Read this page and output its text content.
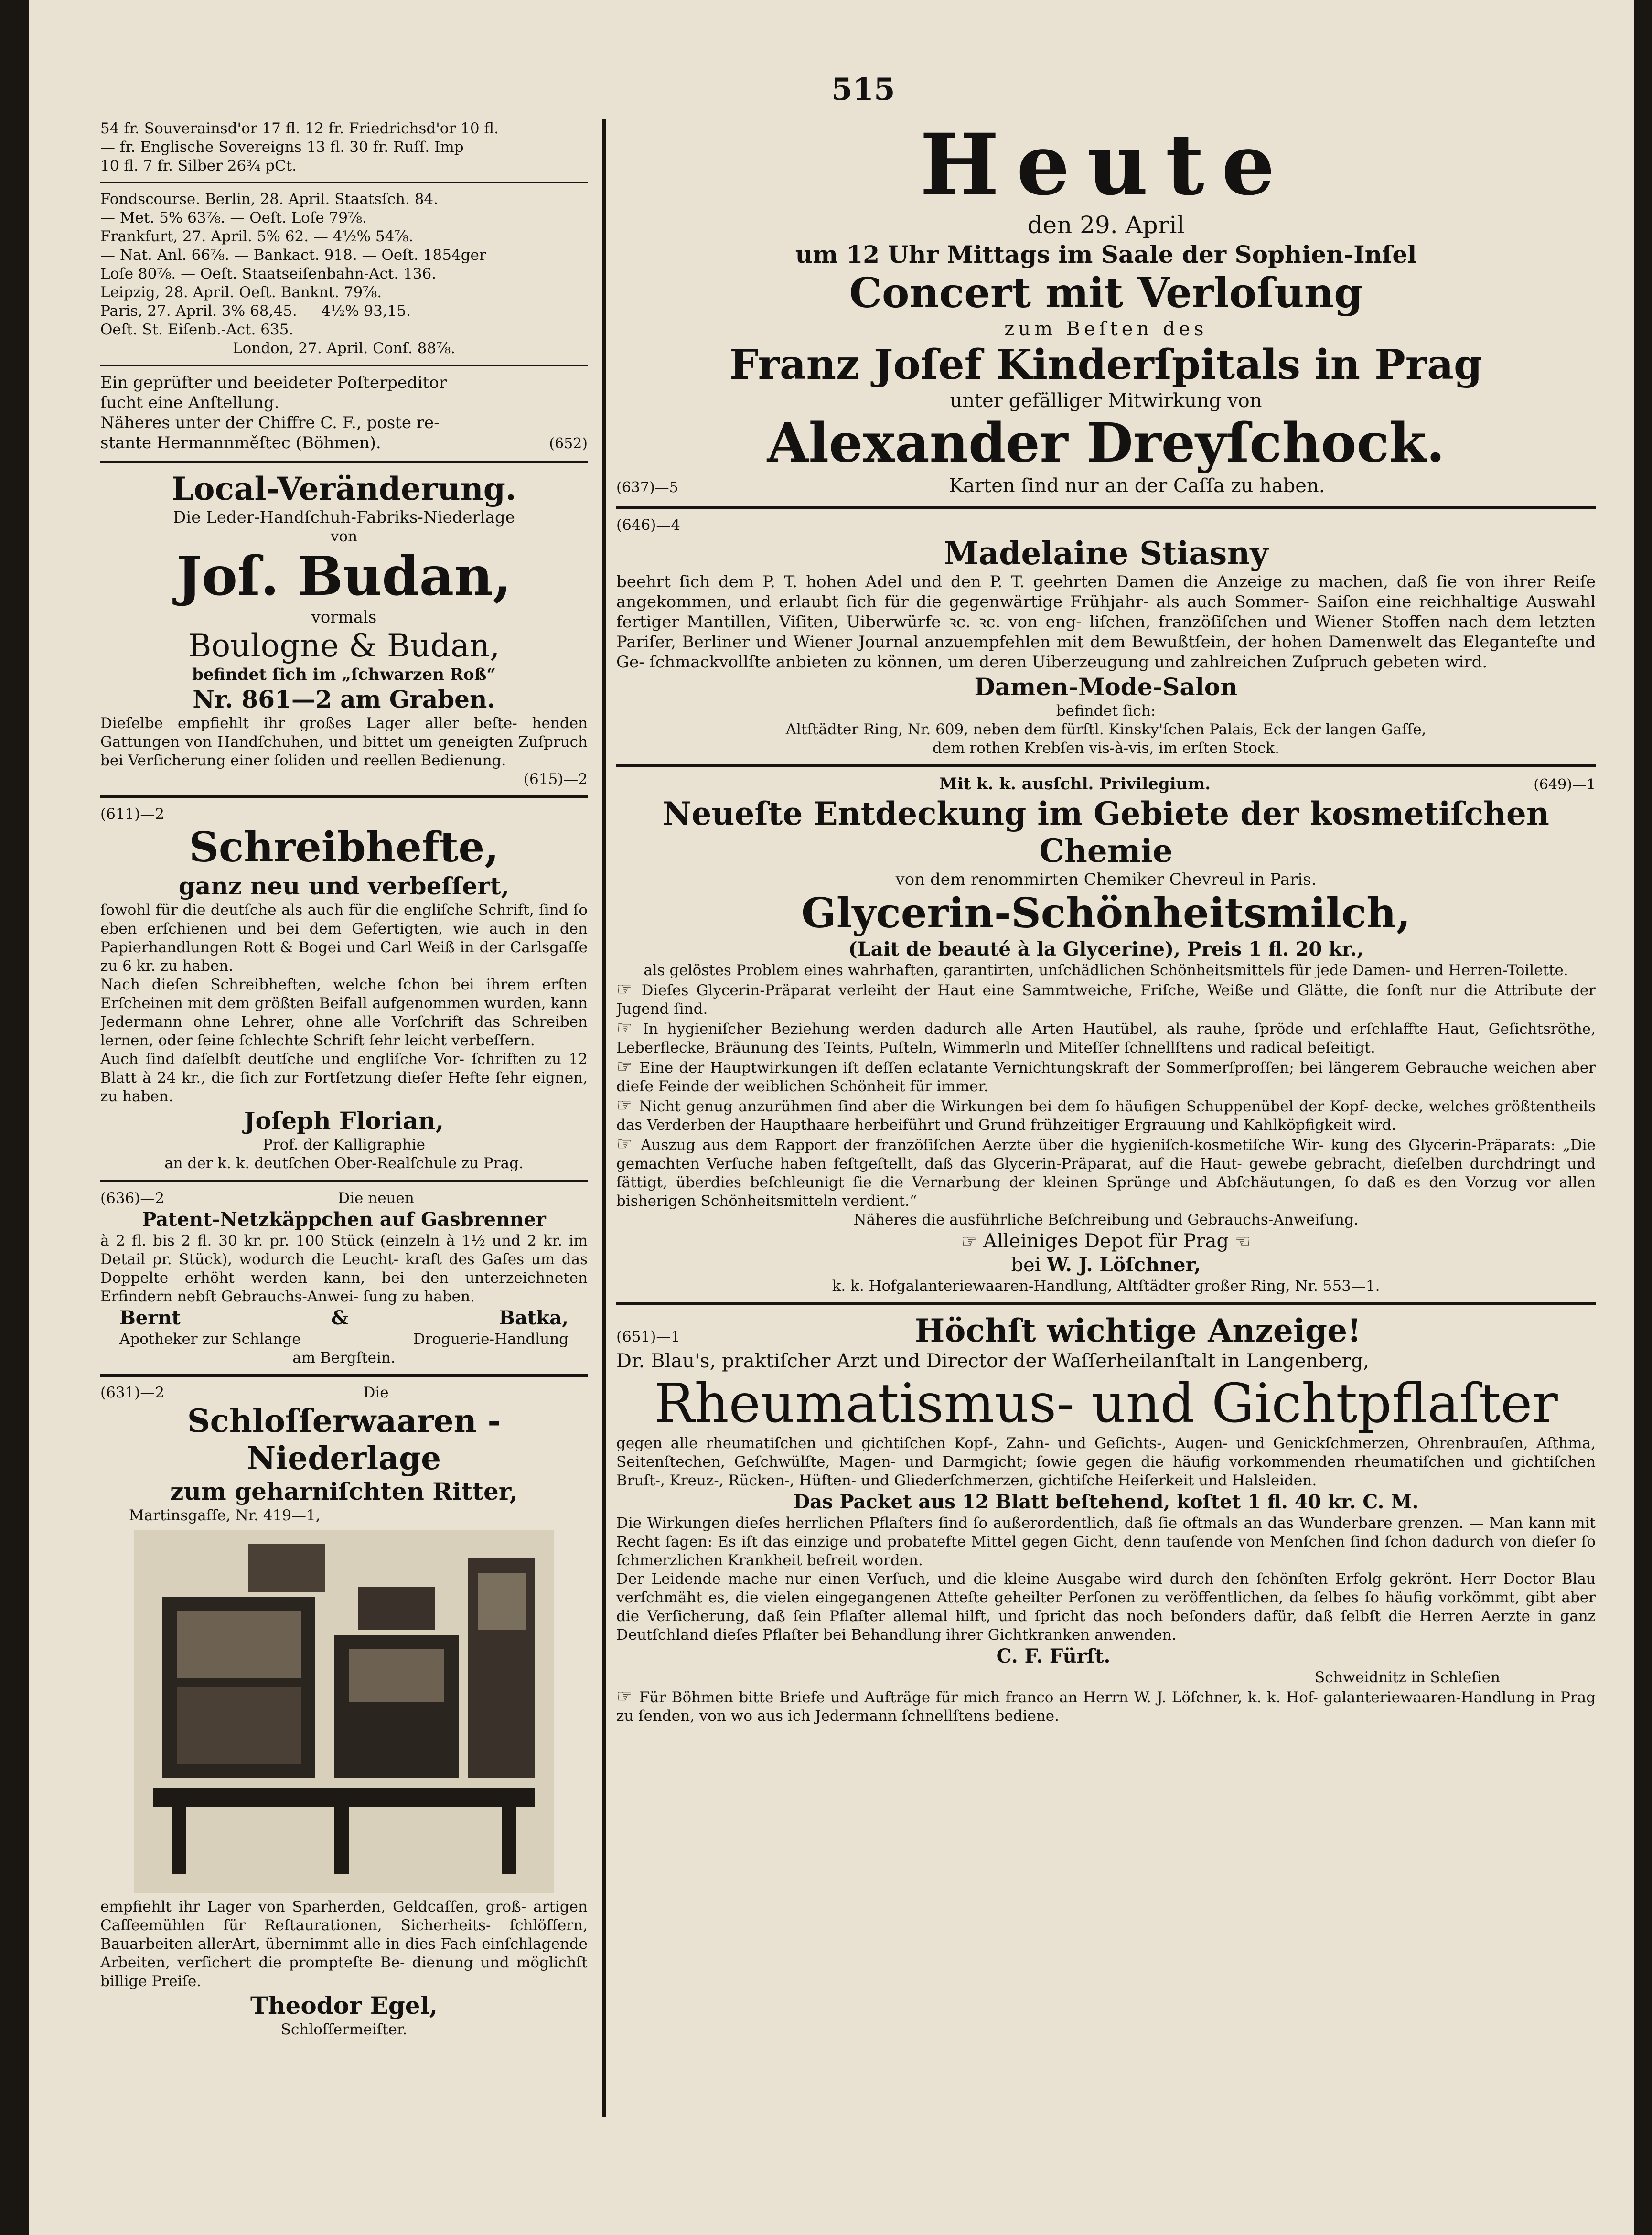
515
54 fr. Souverainsd'or 17 fl. 12 fr. Friedrichsd'or 10 fl.
— fr. Englische Sovereigns 13 fl. 30 fr. Ruſſ. Imp
10 fl. 7 fr. Silber 26¾ pCt.
Fondscourse. Berlin, 28. April. Staatsſch. 84.
— Met. 5% 63⅞. — Oeſt. Loſe 79⅞.
Frankfurt, 27. April. 5% 62. — 4½% 54⅞.
— Nat. Anl. 66⅞. — Bankact. 918. — Oeſt. 1854ger
Loſe 80⅞. — Oeſt. Staatseiſenbahn-Act. 136.
Leipzig, 28. April. Oeſt. Banknt. 79⅞.
Paris, 27. April. 3% 68,45. — 4½% 93,15. —
Oeſt. St. Eiſenb.-Act. 635.
London, 27. April. Conſ. 88⅞.
Ein geprüfter und beeideter Poſterpeditor
ſucht eine Anſtellung.
Näheres unter der Chiffre C. F., poste re-
stante Hermannměſtec (Böhmen).	(652)
Local-Veränderung.
Die Leder-Handſchuh-Fabriks-Niederlage
von
Joſ. Budan,
vormals
Boulogne & Budan,
befindet ſich im „ſchwarzen Roß“
Nr. 861—2 am Graben.
Dieſelbe empfiehlt ihr großes Lager aller beſte- henden Gattungen von Handſchuhen, und bittet um geneigten Zuſpruch bei Verſicherung einer ſoliden und reellen Bedienung.
(615)—2
(611)—2
Schreibhefte,
ganz neu und verbeſſert,
ſowohl für die deutſche als auch für die engliſche Schrift, ſind ſo eben erſchienen und bei dem Gefertigten, wie auch in den Papierhandlungen Rott & Bogei und Carl Weiß in der Carlsgaſſe zu 6 kr. zu haben.
Nach dieſen Schreibheften, welche ſchon bei ihrem erſten Erſcheinen mit dem größten Beifall aufgenommen wurden, kann Jedermann ohne Lehrer, ohne alle Vorſchrift das Schreiben lernen, oder ſeine ſchlechte Schrift ſehr leicht verbeſſern.
Auch ſind daſelbſt deutſche und engliſche Vor- ſchriften zu 12 Blatt à 24 kr., die ſich zur Fortſetzung dieſer Hefte ſehr eignen, zu haben.
Joſeph Florian,
Prof. der Kalligraphie
an der k. k. deutſchen Ober-Realſchule zu Prag.
(636)—2	Die neuen
Patent-Netzkäppchen auf Gasbrenner
à 2 fl. bis 2 fl. 30 kr. pr. 100 Stück (einzeln à 1½ und 2 kr. im Detail pr. Stück), wodurch die Leucht- kraft des Gaſes um das Doppelte erhöht werden kann, bei den unterzeichneten Erfindern nebſt Gebrauchs-Anwei- ſung zu haben.
Bernt	&	Batka,
Apotheker zur Schlange	Droguerie-Handlung
am Bergſtein.
(631)—2	Die
Schloſſerwaaren - Niederlage
zum geharniſchten Ritter,
Martinsgaſſe, Nr. 419—1,
empfiehlt ihr Lager von Sparherden, Geldcaſſen, groß- artigen Caffeemühlen für Reſtaurationen, Sicherheits- ſchlöſſern, Bauarbeiten allerArt, übernimmt alle in dies Fach einſchlagende Arbeiten, verſichert die prompteſte Be- dienung und möglichſt billige Preiſe.
Theodor Egel,
Schloſſermeiſter.
Heute
den 29. April
um 12 Uhr Mittags im Saale der Sophien-Inſel
Concert mit Verloſung
zum Beſten des
Franz Joſef Kinderſpitals in Prag
unter gefälliger Mitwirkung von
Alexander Dreyſchock.
(637)—5	Karten ſind nur an der Caſſa zu haben.
(646)—4
Madelaine Stiasny
beehrt ſich dem P. T. hohen Adel und den P. T. geehrten Damen die Anzeige zu machen, daß ſie von ihrer Reiſe angekommen, und erlaubt ſich für die gegenwärtige Frühjahr- als auch Sommer- Saiſon eine reichhaltige Auswahl fertiger Mantillen, Viſiten, Uiberwürfe ꝛc. ꝛc. von eng- liſchen, franzöſiſchen und Wiener Stoffen nach dem letzten Pariſer, Berliner und Wiener Journal anzuempfehlen mit dem Bewußtſein, der hohen Damenwelt das Eleganteſte und Ge- ſchmackvollſte anbieten zu können, um deren Uiberzeugung und zahlreichen Zuſpruch gebeten wird.
Damen-Mode-Salon
befindet ſich:
Altſtädter Ring, Nr. 609, neben dem fürſtl. Kinsky'ſchen Palais, Eck der langen Gaſſe,
dem rothen Krebſen vis-à-vis, im erſten Stock.
Mit k. k. ausſchl. Privilegium.	(649)—1
Neueſte Entdeckung im Gebiete der kosmetiſchen Chemie
von dem renommirten Chemiker Chevreul in Paris.
Glycerin-Schönheitsmilch,
(Lait de beauté à la Glycerine), Preis 1 fl. 20 kr.,
als gelöstes Problem eines wahrhaften, garantirten, unſchädlichen Schönheitsmittels für jede Damen- und Herren-Toilette.
☞ Dieſes Glycerin-Präparat verleiht der Haut eine Sammtweiche, Friſche, Weiße und Glätte, die ſonſt nur die Attribute der Jugend ſind.
☞ In hygieniſcher Beziehung werden dadurch alle Arten Hautübel, als rauhe, ſpröde und erſchlaffte Haut, Geſichtsröthe, Leberflecke, Bräunung des Teints, Puſteln, Wimmerln und Miteſſer ſchnellſtens und radical beſeitigt.
☞ Eine der Hauptwirkungen iſt deſſen eclatante Vernichtungskraft der Sommerſproſſen; bei längerem Gebrauche weichen aber dieſe Feinde der weiblichen Schönheit für immer.
☞ Nicht genug anzurühmen ſind aber die Wirkungen bei dem ſo häufigen Schuppenübel der Kopf- decke, welches größtentheils das Verderben der Haupthaare herbeiführt und Grund frühzeitiger Ergrauung und Kahlköpfigkeit wird.
☞ Auszug aus dem Rapport der franzöſiſchen Aerzte über die hygieniſch-kosmetiſche Wir- kung des Glycerin-Präparats: „Die gemachten Verſuche haben feſtgeſtellt, daß das Glycerin-Präparat, auf die Haut- gewebe gebracht, dieſelben durchdringt und ſättigt, überdies beſchleunigt ſie die Vernarbung der kleinen Sprünge und Abſchäutungen, ſo daß es den Vorzug vor allen bisherigen Schönheitsmitteln verdient.“
Näheres die ausführliche Beſchreibung und Gebrauchs-Anweiſung.
☞ Alleiniges Depot für Prag ☜
bei W. J. Löſchner,
k. k. Hofgalanteriewaaren-Handlung, Altſtädter großer Ring, Nr. 553—1.
(651)—1	Höchſt wichtige Anzeige!
Dr. Blau's, praktiſcher Arzt und Director der Waſſerheilanſtalt in Langenberg,
Rheumatismus- und Gichtpflaſter
gegen alle rheumatiſchen und gichtiſchen Kopf-, Zahn- und Geſichts-, Augen- und Genickſchmerzen, Ohrenbrauſen, Aſthma, Seitenſtechen, Geſchwülſte, Magen- und Darmgicht; ſowie gegen die häufig vorkommenden rheumatiſchen und gichtiſchen Bruſt-, Kreuz-, Rücken-, Hüften- und Gliederſchmerzen, gichtiſche Heiſerkeit und Halsleiden.
Das Packet aus 12 Blatt beſtehend, koſtet 1 fl. 40 kr. C. M.
Die Wirkungen dieſes herrlichen Pflaſters ſind ſo außerordentlich, daß ſie oftmals an das Wunderbare grenzen. — Man kann mit Recht ſagen: Es iſt das einzige und probatefte Mittel gegen Gicht, denn tauſende von Menſchen ſind ſchon dadurch von dieſer ſo ſchmerzlichen Krankheit befreit worden.
Der Leidende mache nur einen Verſuch, und die kleine Ausgabe wird durch den ſchönſten Erfolg gekrönt. Herr Doctor Blau verſchmäht es, die vielen eingegangenen Atteſte geheilter Perſonen zu veröffentlichen, da ſelbes ſo häufig vorkömmt, gibt aber die Verſicherung, daß ſein Pflaſter allemal hilft, und ſpricht das noch beſonders dafür, daß ſelbſt die Herren Aerzte in ganz Deutſchland dieſes Pflaſter bei Behandlung ihrer Gichtkranken anwenden.
C. F. Fürſt.
Schweidnitz in Schleſien
☞ Für Böhmen bitte Briefe und Aufträge für mich franco an Herrn W. J. Löſchner, k. k. Hof- galanteriewaaren-Handlung in Prag zu ſenden, von wo aus ich Jedermann ſchnellſtens bediene.
